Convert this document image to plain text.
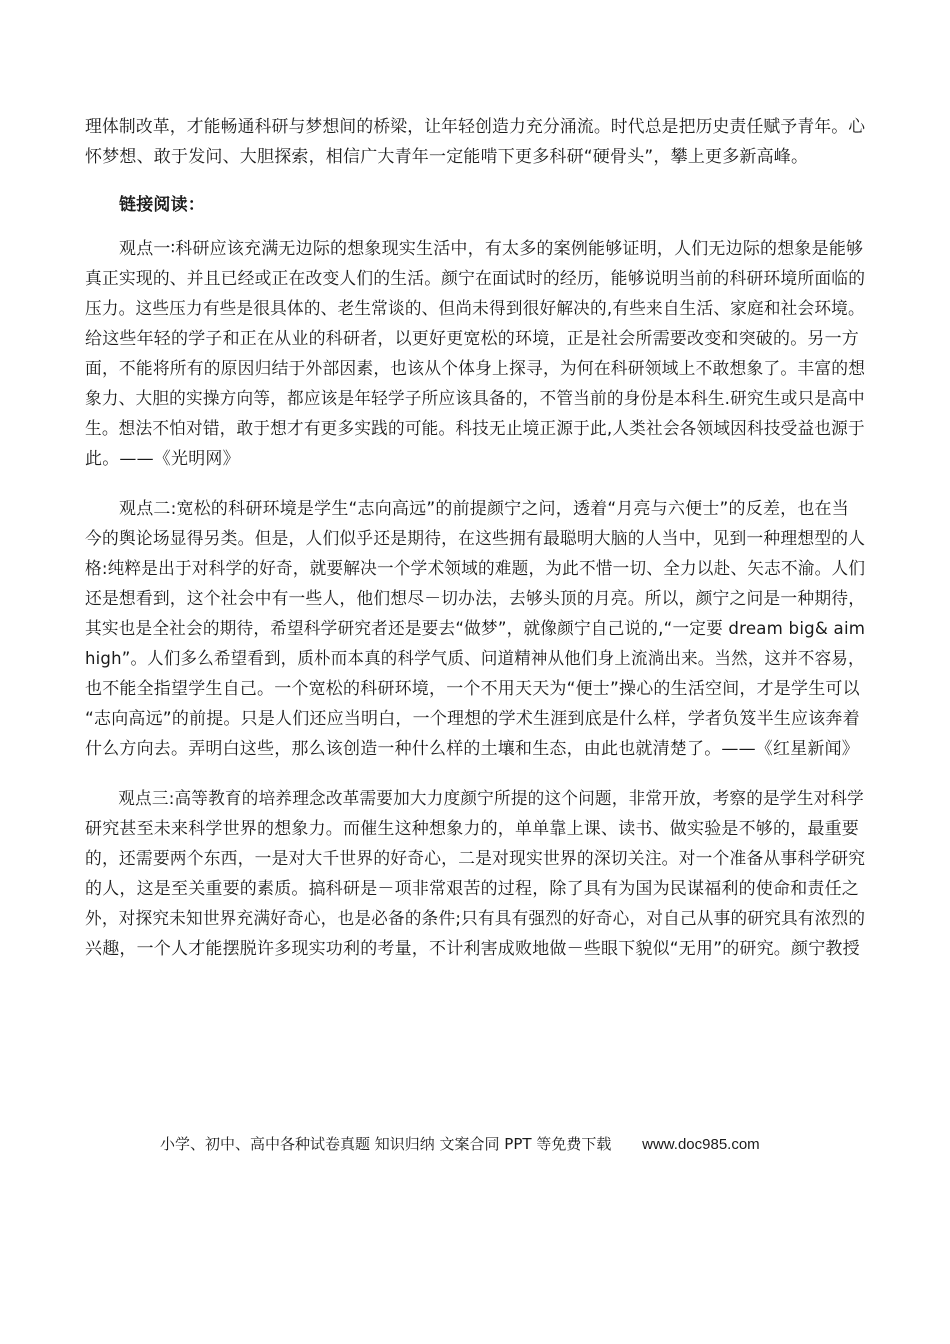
理体制改革，才能畅通科研与梦想间的桥梁，让年轻创造力充分涌流。时代总是把历史责任赋予青年。心
怀梦想、敢于发问、大胆探索，相信广大青年一定能啃下更多科研“硬骨头”，攀上更多新高峰。
链接阅读：
观点一∶科研应该充满无边际的想象现实生活中，有太多的案例能够证明，人们无边际的想象是能够
真正实现的、并且已经或正在改变人们的生活。颜宁在面试时的经历，能够说明当前的科研环境所面临的
压力。这些压力有些是很具体的、老生常谈的、但尚未得到很好解决的,有些来自生活、家庭和社会环境。
给这些年轻的学子和正在从业的科研者，以更好更宽松的环境，正是社会所需要改变和突破的。另一方
面，不能将所有的原因归结于外部因素，也该从个体身上探寻，为何在科研领域上不敢想象了。丰富的想
象力、大胆的实操方向等，都应该是年轻学子所应该具备的，不管当前的身份是本科生.研究生或只是高中
生。想法不怕对错，敢于想才有更多实践的可能。科技无止境正源于此,人类社会各领域因科技受益也源于
此。——《光明网》
观点二:宽松的科研环境是学生“志向高远”的前提颜宁之问，透着“月亮与六便士”的反差，也在当
今的舆论场显得另类。但是，人们似乎还是期待，在这些拥有最聪明大脑的人当中，见到一种理想型的人
格:纯粹是出于对科学的好奇，就要解决一个学术领域的难题，为此不惜一切、全力以赴、矢志不渝。人们
还是想看到，这个社会中有一些人，他们想尽－切办法，去够头顶的月亮。所以，颜宁之问是一种期待，
其实也是全社会的期待，希望科学研究者还是要去“做梦”，就像颜宁自己说的,“一定要 dream big& aim
high”。人们多么希望看到，质朴而本真的科学气质、问道精神从他们身上流淌出来。当然，这并不容易，
也不能全指望学生自己。一个宽松的科研环境，一个不用天天为“便士”操心的生活空间，才是学生可以
“志向高远”的前提。只是人们还应当明白，一个理想的学术生涯到底是什么样，学者负笈半生应该奔着
什么方向去。弄明白这些，那么该创造一种什么样的土壤和生态，由此也就清楚了。——《红星新闻》
观点三:高等教育的培养理念改革需要加大力度颜宁所提的这个问题，非常开放，考察的是学生对科学
研究甚至未来科学世界的想象力。而催生这种想象力的，单单靠上课、读书、做实验是不够的，最重要
的，还需要两个东西，一是对大千世界的好奇心，二是对现实世界的深切关注。对一个准备从事科学研究
的人，这是至关重要的素质。搞科研是－项非常艰苦的过程，除了具有为国为民谋福利的使命和责任之
外，对探究未知世界充满好奇心，也是必备的条件;只有具有强烈的好奇心，对自己从事的研究具有浓烈的
兴趣，一个人才能摆脱许多现实功利的考量，不计利害成败地做－些眼下貌似“无用”的研究。颜宁教授
小学、初中、高中各种试卷真题 知识归纳 文案合同 PPT 等免费下载 www.doc985.com
